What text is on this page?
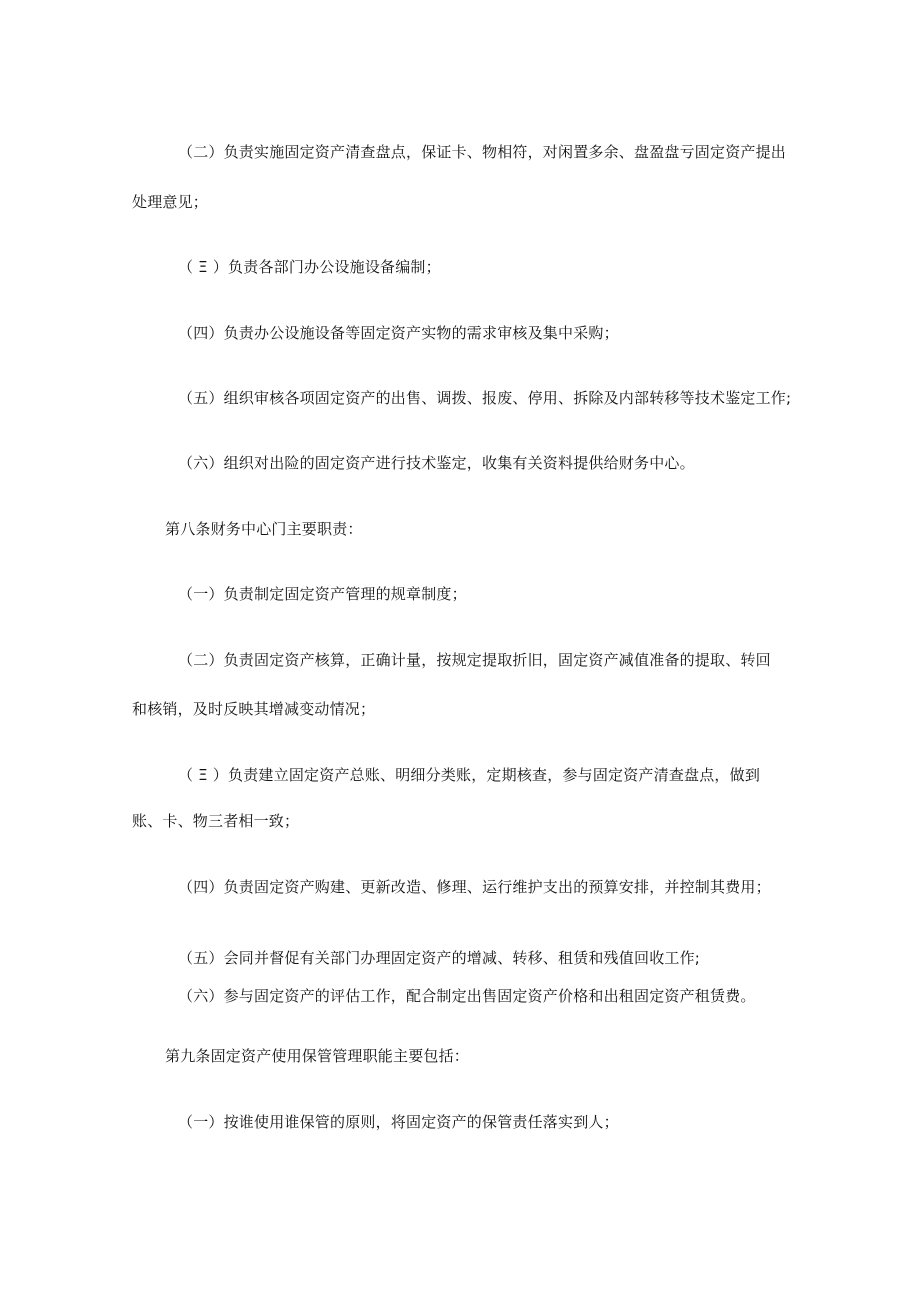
（二）负责实施固定资产清查盘点，保证卡、物相符，对闲置多余、盘盈盘亏固定资产提出

处理意见；

（ Ξ ）负责各部门办公设施设备编制；

（四）负责办公设施设备等固定资产实物的需求审核及集中采购；

（五）组织审核各项固定资产的出售、调拨、报废、停用、拆除及内部转移等技术鉴定工作;

（六）组织对出险的固定资产进行技术鉴定，收集有关资料提供给财务中心。

第八条财务中心门主要职责：

（一）负责制定固定资产管理的规章制度；

（二）负责固定资产核算，正确计量，按规定提取折旧，固定资产减值准备的提取、转回

和核销，及时反映其增减变动情况；

（ Ξ ）负责建立固定资产总账、明细分类账，定期核查，参与固定资产清查盘点，做到

账、卡、物三者相一致；

（四）负责固定资产购建、更新改造、修理、运行维护支出的预算安排，并控制其费用；

（五）会同并督促有关部门办理固定资产的增减、转移、租赁和残值回收工作;

（六）参与固定资产的评估工作，配合制定出售固定资产价格和出租固定资产租赁费。

第九条固定资产使用保管管理职能主要包括：

（一）按谁使用谁保管的原则，将固定资产的保管责任落实到人；
